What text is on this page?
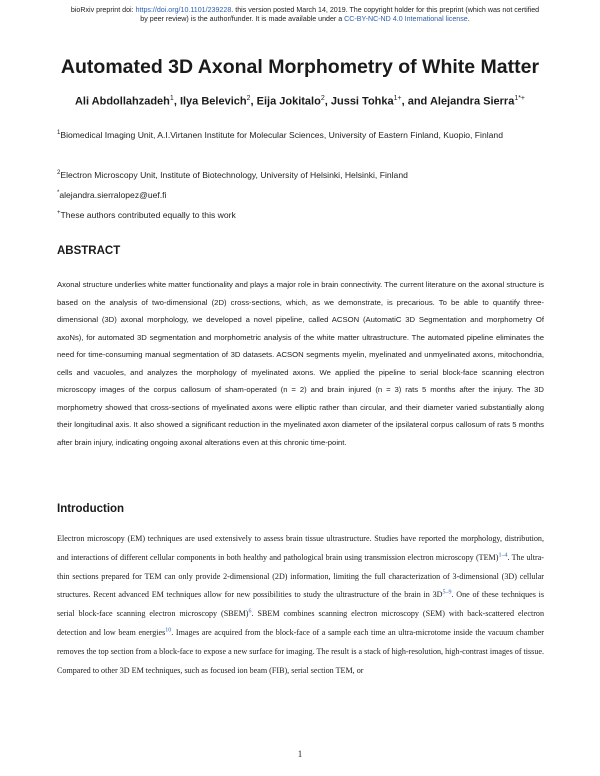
bioRxiv preprint doi: https://doi.org/10.1101/239228. this version posted March 14, 2019. The copyright holder for this preprint (which was not certified by peer review) is the author/funder. It is made available under a CC-BY-NC-ND 4.0 International license.
Automated 3D Axonal Morphometry of White Matter
Ali Abdollahzadeh$^1$, Ilya Belevich$^2$, Eija Jokitalo$^2$, Jussi Tohka$^{1+}$, and Alejandra Sierra$^{1*+}$
$^1$Biomedical Imaging Unit, A.I.Virtanen Institute for Molecular Sciences, University of Eastern Finland, Kuopio, Finland
$^2$Electron Microscopy Unit, Institute of Biotechnology, University of Helsinki, Helsinki, Finland
*alejandra.sierralopez@uef.fi
+These authors contributed equally to this work
ABSTRACT
Axonal structure underlies white matter functionality and plays a major role in brain connectivity. The current literature on the axonal structure is based on the analysis of two-dimensional (2D) cross-sections, which, as we demonstrate, is precarious. To be able to quantify three-dimensional (3D) axonal morphology, we developed a novel pipeline, called ACSON (AutomatiC 3D Segmentation and morphometry Of axoNs), for automated 3D segmentation and morphometric analysis of the white matter ultrastructure. The automated pipeline eliminates the need for time-consuming manual segmentation of 3D datasets. ACSON segments myelin, myelinated and unmyelinated axons, mitochondria, cells and vacuoles, and analyzes the morphology of myelinated axons. We applied the pipeline to serial block-face scanning electron microscopy images of the corpus callosum of sham-operated (n = 2) and brain injured (n = 3) rats 5 months after the injury. The 3D morphometry showed that cross-sections of myelinated axons were elliptic rather than circular, and their diameter varied substantially along their longitudinal axis. It also showed a significant reduction in the myelinated axon diameter of the ipsilateral corpus callosum of rats 5 months after brain injury, indicating ongoing axonal alterations even at this chronic time-point.
Introduction
Electron microscopy (EM) techniques are used extensively to assess brain tissue ultrastructure. Studies have reported the morphology, distribution, and interactions of different cellular components in both healthy and pathological brain using transmission electron microscopy (TEM)$^{1-4}$. The ultra-thin sections prepared for TEM can only provide 2-dimensional (2D) information, limiting the full characterization of 3-dimensional (3D) cellular structures. Recent advanced EM techniques allow for new possibilities to study the ultrastructure of the brain in 3D$^{5-9}$. One of these techniques is serial block-face scanning electron microscopy (SBEM)$^6$. SBEM combines scanning electron microscopy (SEM) with back-scattered electron detection and low beam energies$^{10}$. Images are acquired from the block-face of a sample each time an ultra-microtome inside the vacuum chamber removes the top section from a block-face to expose a new surface for imaging. The result is a stack of high-resolution, high-contrast images of tissue. Compared to other 3D EM techniques, such as focused ion beam (FIB), serial section TEM, or
1
